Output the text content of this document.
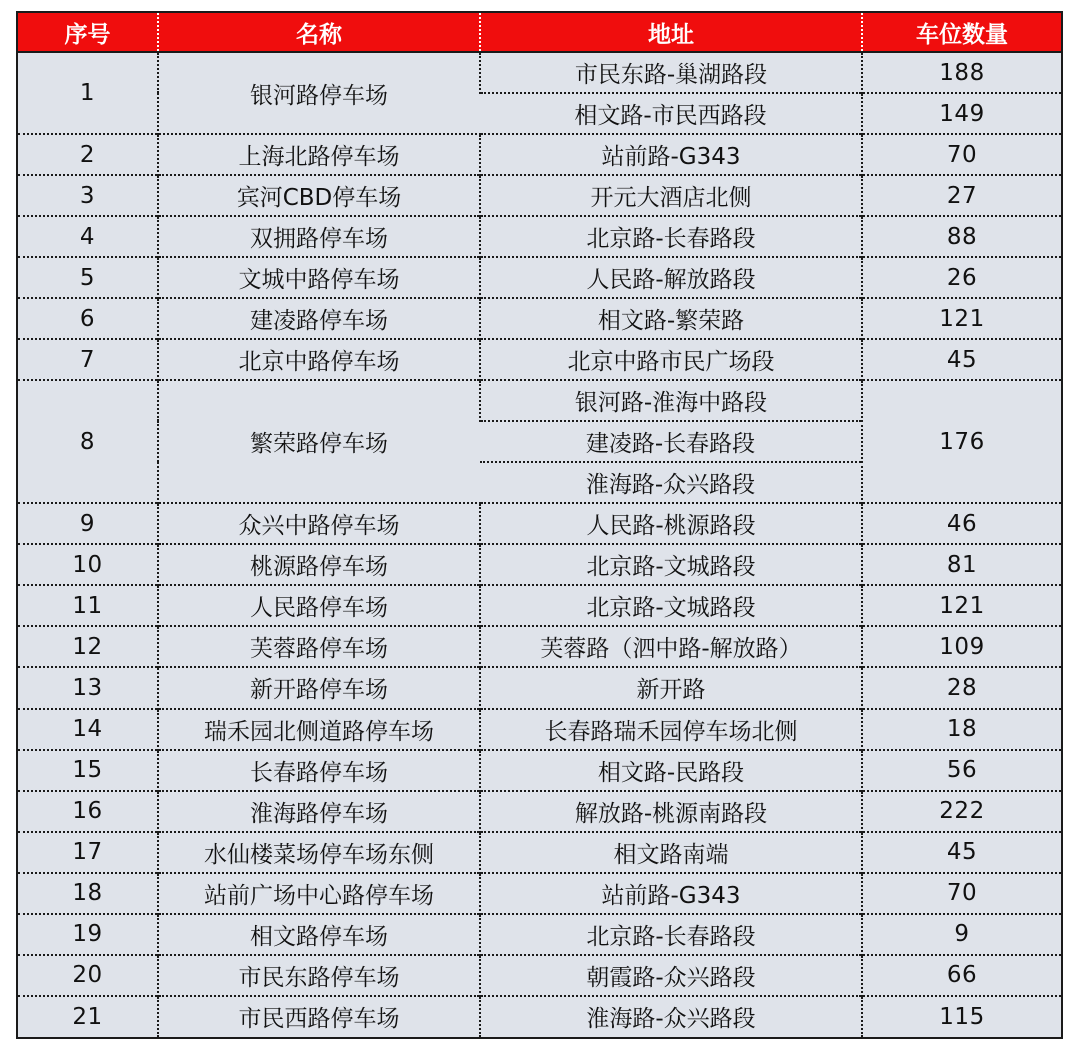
序号	名称	地址	车位数量
1	银河路停车场	市民东路-巢湖路段	188
		相文路-市民西路段	149
2	上海北路停车场	站前路-G343	70
3	宾河CBD停车场	开元大酒店北侧	27
4	双拥路停车场	北京路-长春路段	88
5	文城中路停车场	人民路-解放路段	26
6	建凌路停车场	相文路-繁荣路	121
7	北京中路停车场	北京中路市民广场段	45
8	繁荣路停车场	银河路-淮海中路段	176
		建凌路-长春路段	
		淮海路-众兴路段	
9	众兴中路停车场	人民路-桃源路段	46
10	桃源路停车场	北京路-文城路段	81
11	人民路停车场	北京路-文城路段	121
12	芙蓉路停车场	芙蓉路（泗中路-解放路）	109
13	新开路停车场	新开路	28
14	瑞禾园北侧道路停车场	长春路瑞禾园停车场北侧	18
15	长春路停车场	相文路-民路段	56
16	淮海路停车场	解放路-桃源南路段	222
17	水仙楼菜场停车场东侧	相文路南端	45
18	站前广场中心路停车场	站前路-G343	70
19	相文路停车场	北京路-长春路段	9
20	市民东路停车场	朝霞路-众兴路段	66
21	市民西路停车场	淮海路-众兴路段	115
